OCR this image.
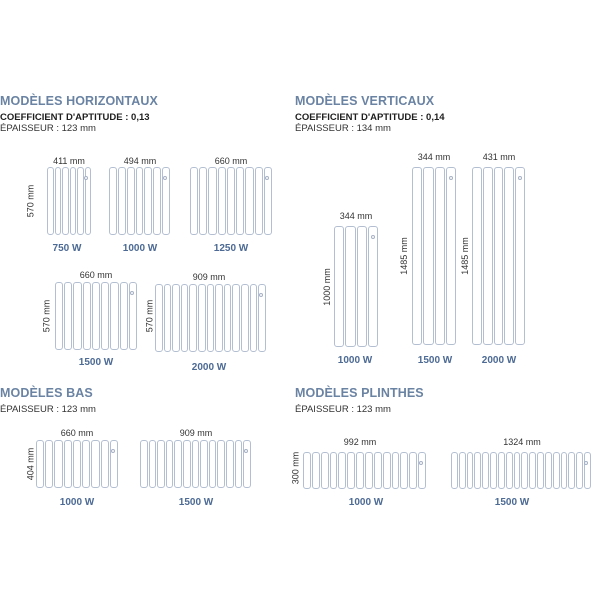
MODÈLES HORIZONTAUX
COEFFICIENT D'APTITUDE : 0,13
ÉPAISSEUR : 123 mm
MODÈLES VERTICAUX
COEFFICIENT D'APTITUDE : 0,14
ÉPAISSEUR : 134 mm
MODÈLES BAS
ÉPAISSEUR : 123 mm
MODÈLES PLINTHES
ÉPAISSEUR : 123 mm
411 mm
570 mm
750 W
494 mm
1000 W
660 mm
1250 W
660 mm
570 mm
1500 W
909 mm
570 mm
2000 W
344 mm
1000 mm
1000 W
344 mm
1485 mm
1500 W
431 mm
1485 mm
2000 W
660 mm
404 mm
1000 W
909 mm
1500 W
992 mm
300 mm
1000 W
1324 mm
1500 W
